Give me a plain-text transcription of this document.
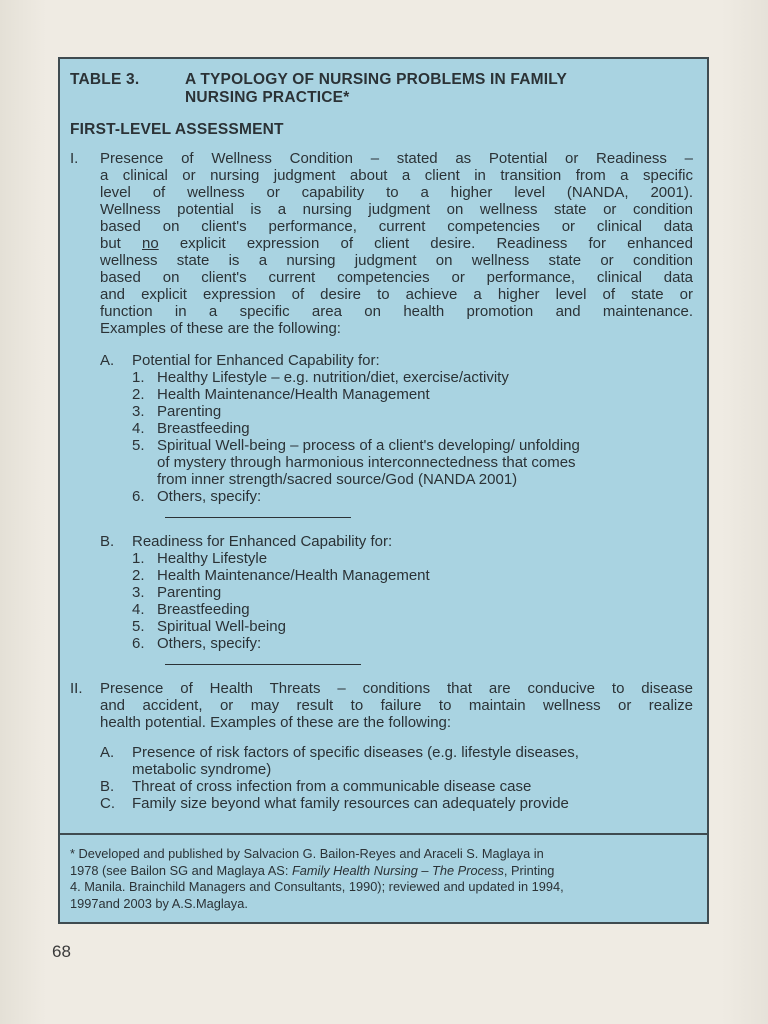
TABLE 3.	A TYPOLOGY OF NURSING PROBLEMS IN FAMILY
NURSING PRACTICE*
FIRST-LEVEL ASSESSMENT
I.	Presence of Wellness Condition – stated as Potential or Readiness –
a clinical or nursing judgment about a client in transition from a specific
level of wellness or capability to a higher level (NANDA, 2001).
Wellness potential is a nursing judgment on wellness state or condition
based on client's performance, current competencies or clinical data
but no explicit expression of client desire. Readiness for enhanced
wellness state is a nursing judgment on wellness state or condition
based on client's current competencies or performance, clinical data
and explicit expression of desire to achieve a higher level of state or
function in a specific area on health promotion and maintenance.
Examples of these are the following:
A.	Potential for Enhanced Capability for:
1. Healthy Lifestyle – e.g. nutrition/diet, exercise/activity
2. Health Maintenance/Health Management
3. Parenting
4. Breastfeeding
5. Spiritual Well-being – process of a client's developing/ unfolding
of mystery through harmonious interconnectedness that comes
from inner strength/sacred source/God (NANDA 2001)
6. Others, specify:
B.	Readiness for Enhanced Capability for:
1. Healthy Lifestyle
2. Health Maintenance/Health Management
3. Parenting
4. Breastfeeding
5. Spiritual Well-being
6. Others, specify:
II.	Presence of Health Threats – conditions that are conducive to disease
and accident, or may result to failure to maintain wellness or realize
health potential. Examples of these are the following:
A.	Presence of risk factors of specific diseases (e.g. lifestyle diseases,
metabolic syndrome)
B.	Threat of cross infection from a communicable disease case
C.	Family size beyond what family resources can adequately provide
* Developed and published by Salvacion G. Bailon-Reyes and Araceli S. Maglaya in
1978 (see Bailon SG and Maglaya AS: Family Health Nursing – The Process, Printing
4. Manila. Brainchild Managers and Consultants, 1990); reviewed and updated in 1994,
1997and 2003 by A.S.Maglaya.
68
